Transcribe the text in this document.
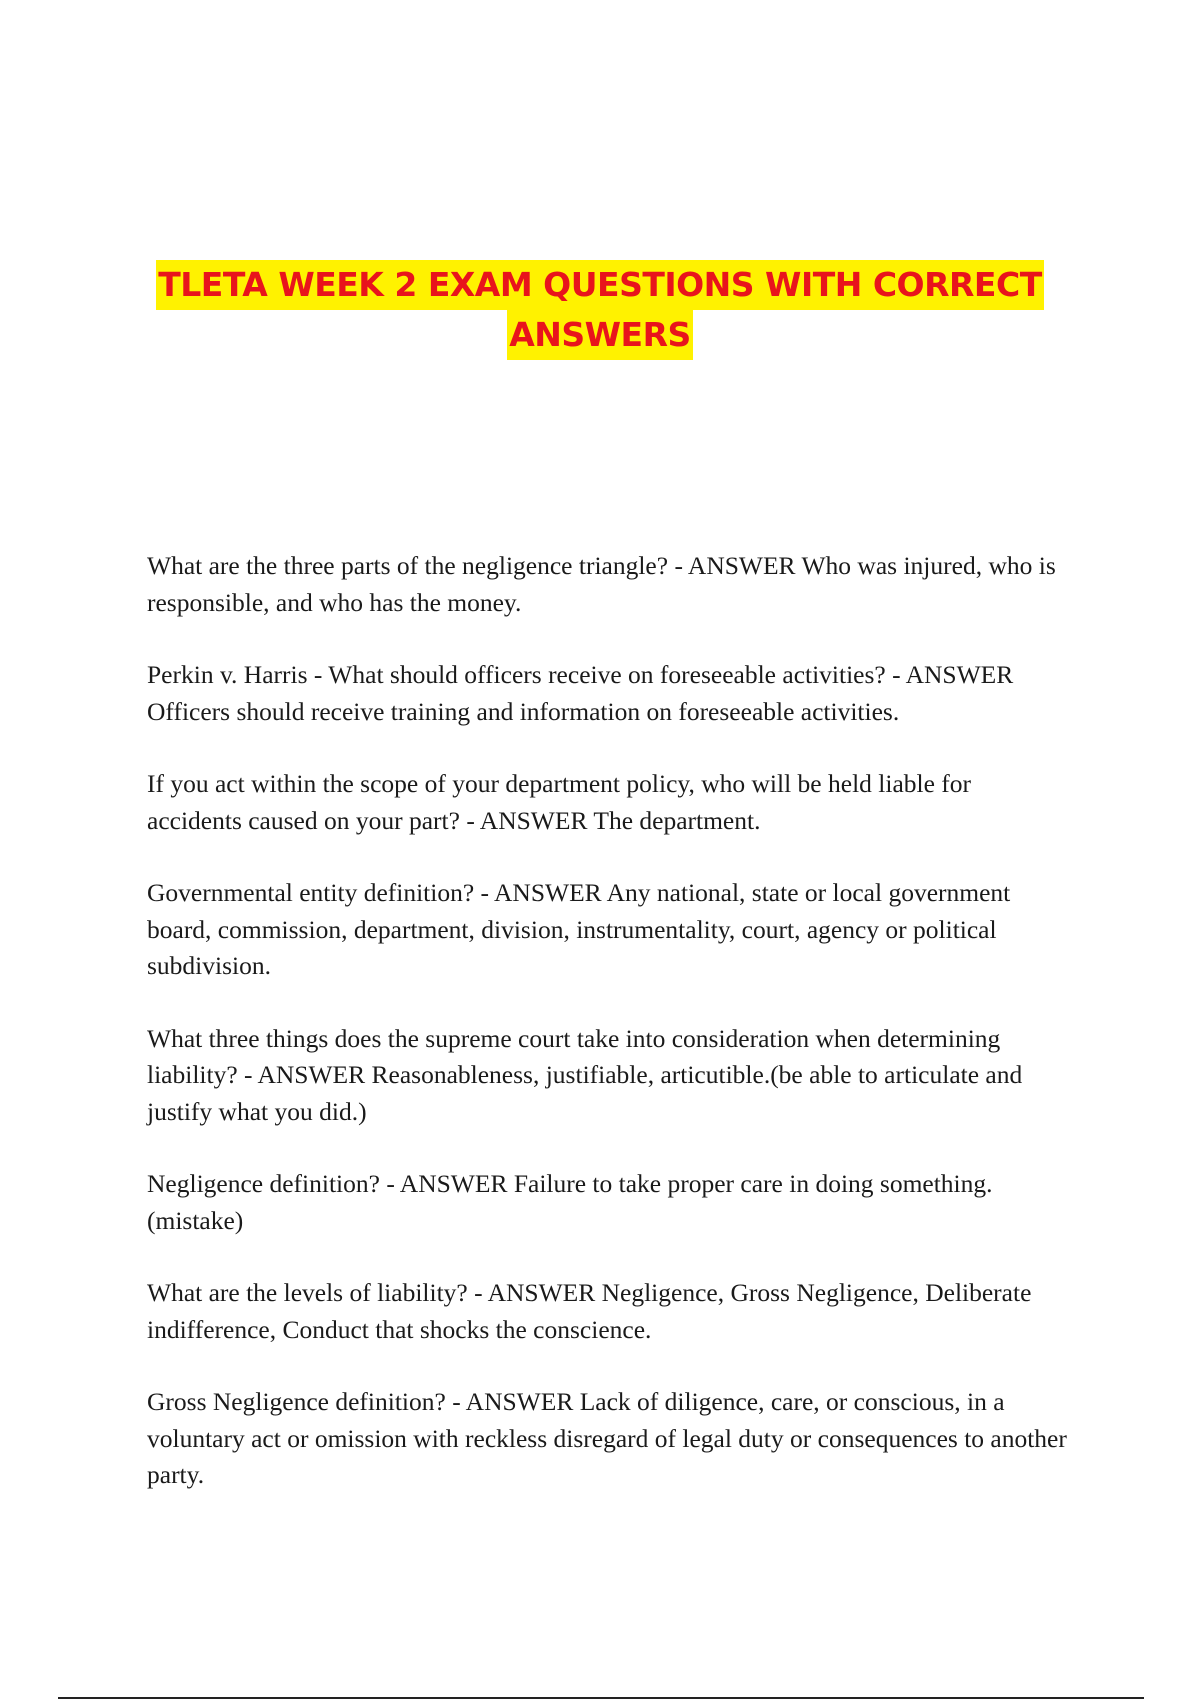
TLETA WEEK 2 EXAM QUESTIONS WITH CORRECT
ANSWERS

What are the three parts of the negligence triangle? - ANSWER Who was injured, who is responsible, and who has the money.

Perkin v. Harris - What should officers receive on foreseeable activities? - ANSWER Officers should receive training and information on foreseeable activities.

If you act within the scope of your department policy, who will be held liable for accidents caused on your part? - ANSWER The department.

Governmental entity definition? - ANSWER Any national, state or local government board, commission, department, division, instrumentality, court, agency or political subdivision.

What three things does the supreme court take into consideration when determining liability? - ANSWER Reasonableness, justifiable, articutible.(be able to articulate and justify what you did.)

Negligence definition? - ANSWER Failure to take proper care in doing something.(mistake)

What are the levels of liability? - ANSWER Negligence, Gross Negligence, Deliberate indifference, Conduct that shocks the conscience.

Gross Negligence definition? - ANSWER Lack of diligence, care, or conscious, in a voluntary act or omission with reckless disregard of legal duty or consequences to another party.
